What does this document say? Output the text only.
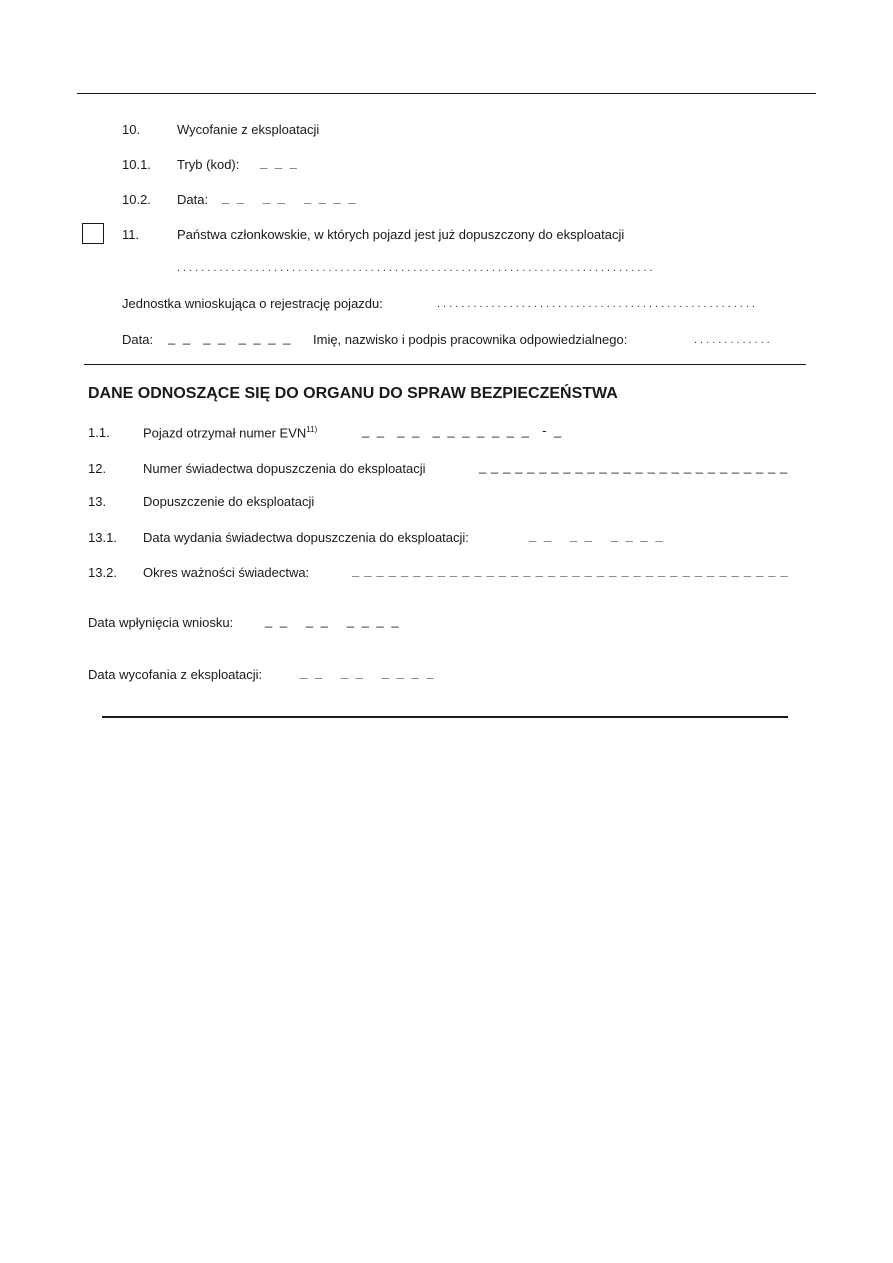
10.	Wycofanie z eksploatacji
10.1. Tryb (kod): _ _ _
10.2. Data: _ _   _ _   _ _ _ _
11.	Państwa członkowskie, w których pojazd jest już dopuszczony do eksploatacji
...............................................................................
Jednostka wnioskująca o rejestrację pojazdu:	.....................................................
Data: _ _  _ _  _ _ _ _ Imię, nazwisko i podpis pracownika odpowiedzialnego:	.............
DANE ODNOSZĄCE SIĘ DO ORGANU DO SPRAW BEZPIECZEŃSTWA
1.1.	Pojazd otrzymał numer EVN$^{11)}$	_ _  _ _  _ _ _ _ _ _ _  - _
12.	Numer świadectwa dopuszczenia do eksploatacji	_ _ _ _ _ _ _ _ _ _ _ _ _ _ _ _ _ _ _ _ _ _ _ _ _ _
13.	Dopuszczenie do eksploatacji
13.1. Data wydania świadectwa dopuszczenia do eksploatacji:	_ _   _ _   _ _ _ _
13.2. Okres ważności świadectwa:	_ _ _ _ _ _ _ _ _ _ _ _ _ _ _ _ _ _ _ _ _ _ _ _ _ _ _ _ _ _ _ _ _ _ _ _
Data wpłynięcia wniosku: _ _   _ _   _ _ _ _
Data wycofania z eksploatacji:	_ _   _ _   _ _ _ _
